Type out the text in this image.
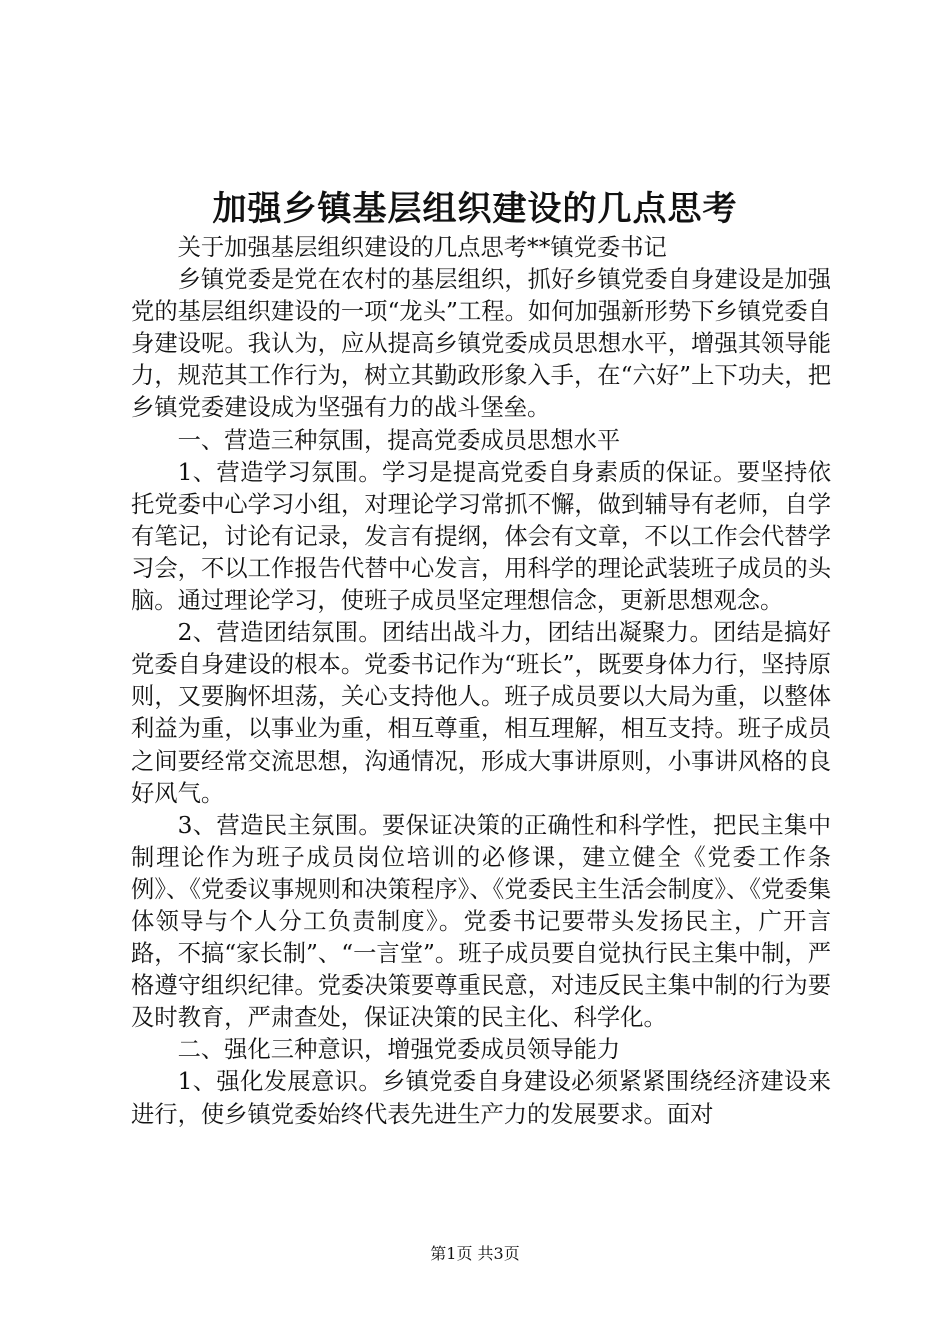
加强乡镇基层组织建设的几点思考

关于加强基层组织建设的几点思考**镇党委书记

乡镇党委是党在农村的基层组织，抓好乡镇党委自身建设是加强党的基层组织建设的一项“龙头”工程。如何加强新形势下乡镇党委自身建设呢。我认为，应从提高乡镇党委成员思想水平，增强其领导能力，规范其工作行为，树立其勤政形象入手，在“六好”上下功夫，把乡镇党委建设成为坚强有力的战斗堡垒。

一、营造三种氛围，提高党委成员思想水平

1、营造学习氛围。学习是提高党委自身素质的保证。要坚持依托党委中心学习小组，对理论学习常抓不懈，做到辅导有老师，自学有笔记，讨论有记录，发言有提纲，体会有文章，不以工作会代替学习会，不以工作报告代替中心发言，用科学的理论武装班子成员的头脑。通过理论学习，使班子成员坚定理想信念，更新思想观念。

2、营造团结氛围。团结出战斗力，团结出凝聚力。团结是搞好党委自身建设的根本。党委书记作为“班长”，既要身体力行，坚持原则，又要胸怀坦荡，关心支持他人。班子成员要以大局为重，以整体利益为重，以事业为重，相互尊重，相互理解，相互支持。班子成员之间要经常交流思想，沟通情况，形成大事讲原则，小事讲风格的良好风气。

3、营造民主氛围。要保证决策的正确性和科学性，把民主集中制理论作为班子成员岗位培训的必修课，建立健全《党委工作条例》、《党委议事规则和决策程序》、《党委民主生活会制度》、《党委集体领导与个人分工负责制度》。党委书记要带头发扬民主，广开言路，不搞“家长制”、“一言堂”。班子成员要自觉执行民主集中制，严格遵守组织纪律。党委决策要尊重民意，对违反民主集中制的行为要及时教育，严肃查处，保证决策的民主化、科学化。

二、强化三种意识，增强党委成员领导能力

1、强化发展意识。乡镇党委自身建设必须紧紧围绕经济建设来进行，使乡镇党委始终代表先进生产力的发展要求。面对

第1页 共3页
